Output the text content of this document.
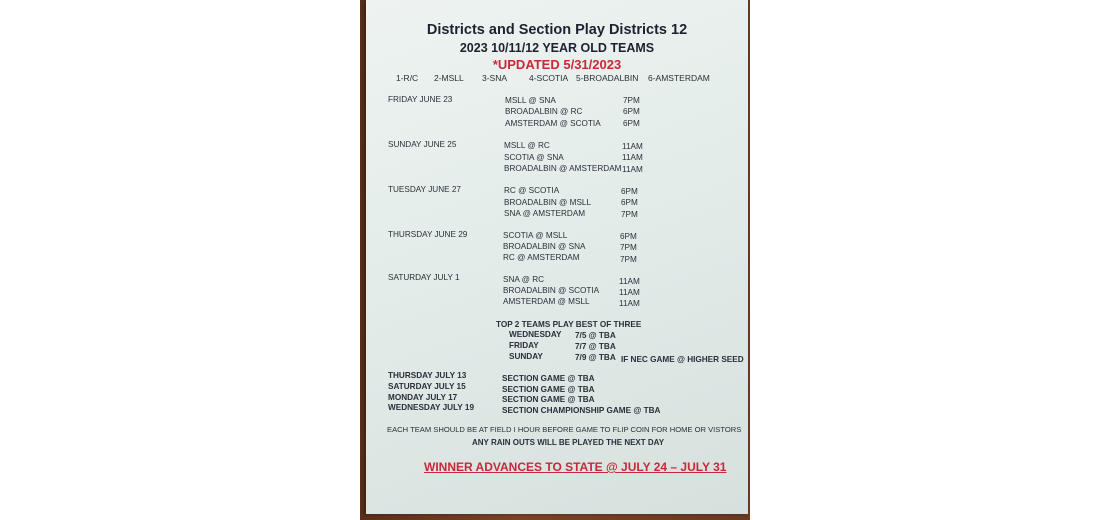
Districts and Section Play Districts 12
2023 10/11/12 YEAR OLD TEAMS
*UPDATED 5/31/2023
1-R/C 2-MSLL 3-SNA	4-SCOTIA 5-BROADALBIN 6-AMSTERDAM
FRIDAY JUNE 23	MSLL @ SNA	7PM
BROADALBIN @ RC	6PM
AMSTERDAM @ SCOTIA	6PM
SUNDAY JUNE 25	MSLL @ RC	11AM
SCOTIA @ SNA	11AM
BROADALBIN @ AMSTERDAM 11AM
TUESDAY JUNE 27	RC @ SCOTIA	6PM
BROADALBIN @ MSLL	6PM
SNA @ AMSTERDAM	7PM
THURSDAY JUNE 29	SCOTIA @ MSLL	6PM
BROADALBIN @ SNA	7PM
RC @ AMSTERDAM	7PM
SATURDAY JULY 1	SNA @ RC	11AM
BROADALBIN @ SCOTIA 11AM
AMSTERDAM @ MSLL	11AM
TOP 2 TEAMS PLAY BEST OF THREE
WEDNESDAY 7/5 @ TBA
FRIDAY	7/7 @ TBA
SUNDAY	7/9 @ TBA IF NEC GAME @ HIGHER SEED
THURSDAY JULY 13	SECTION GAME @ TBA
SATURDAY JULY 15	SECTION GAME @ TBA
MONDAY JULY 17	SECTION GAME @ TBA
WEDNESDAY JULY 19	SECTION CHAMPIONSHIP GAME @ TBA
EACH TEAM SHOULD BE AT FIELD I HOUR BEFORE GAME TO FLIP COIN FOR HOME OR VISTORS
ANY RAIN OUTS WILL BE PLAYED THE NEXT DAY
WINNER ADVANCES TO STATE @ JULY 24 – JULY 31
